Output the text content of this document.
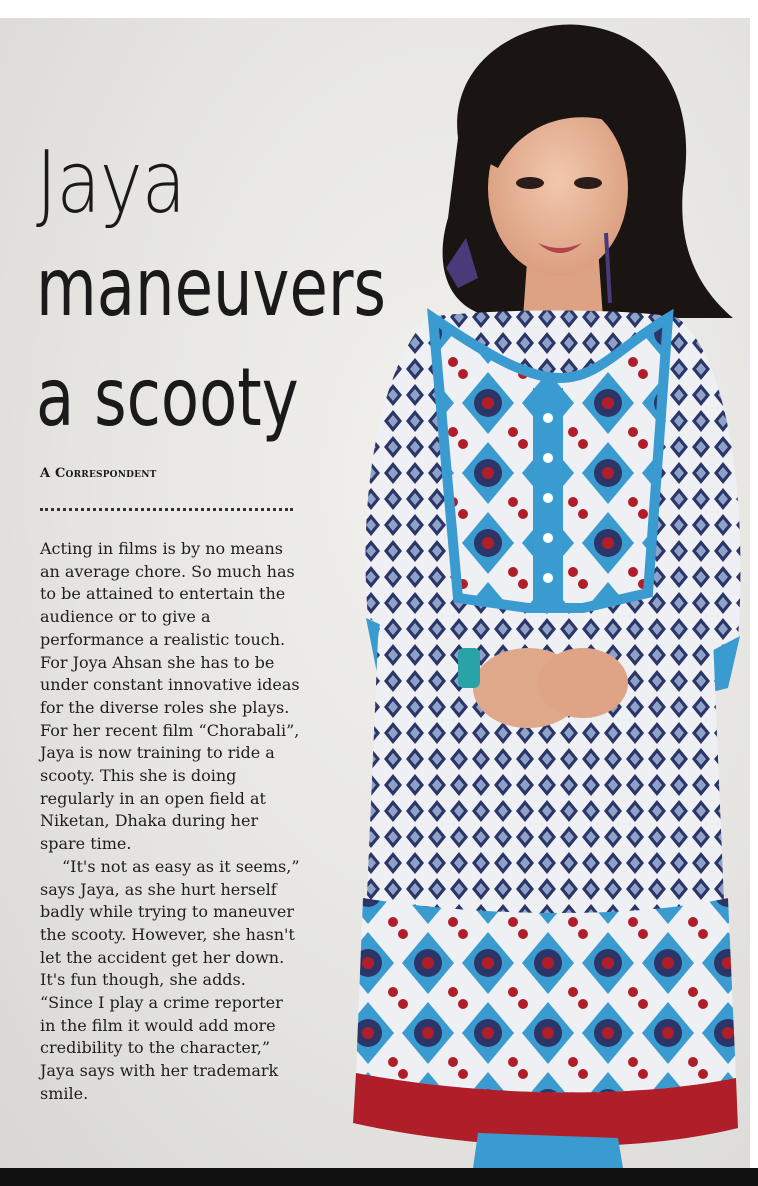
Jaya
maneuvers
a scooty
A Correspondent

Acting in films is by no means an average chore. So much has to be attained to entertain the audience or to give a performance a realistic touch. For Joya Ahsan she has to be under constant innovative ideas for the diverse roles she plays. For her recent film “Chorabali”, Jaya is now training to ride a scooty. This she is doing regularly in an open field at Niketan, Dhaka during her spare time.

“It's not as easy as it seems,” says Jaya, as she hurt herself badly while trying to maneuver the scooty. However, she hasn't let the accident get her down. It's fun though, she adds. “Since I play a crime reporter in the film it would add more credibility to the character,” Jaya says with her trademark smile.
